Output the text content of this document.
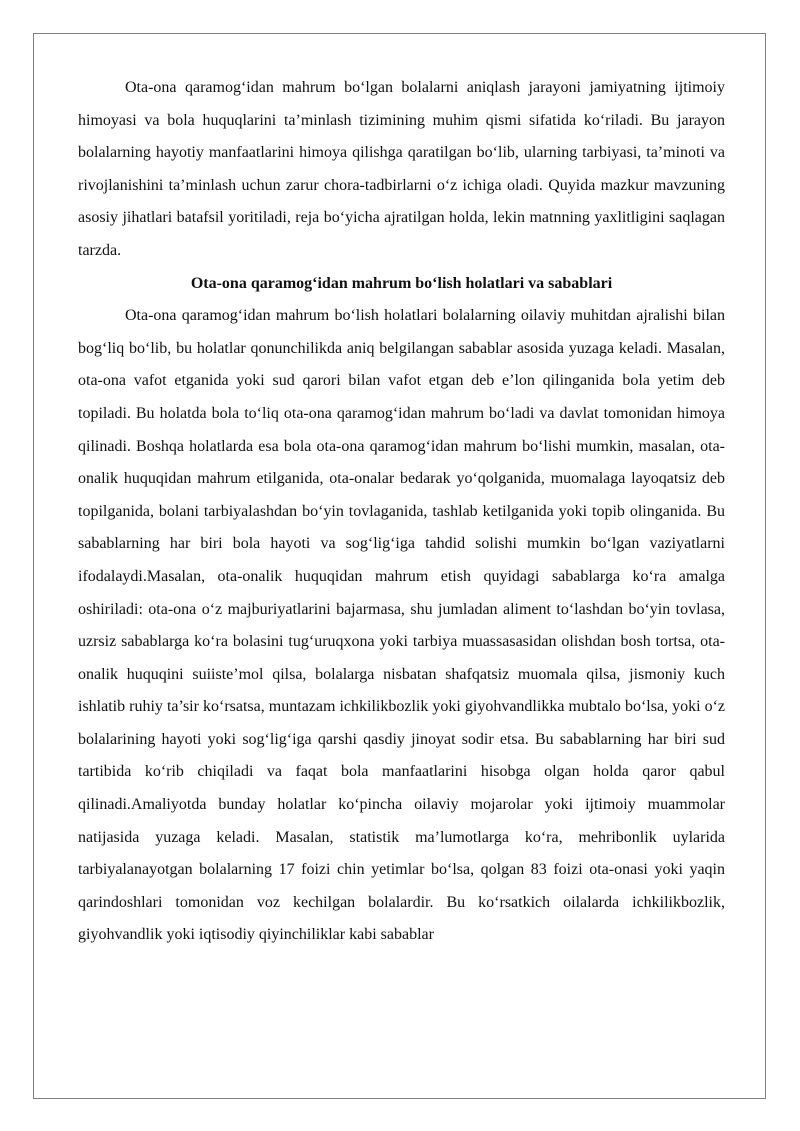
Ota-ona qaramog‘idan mahrum bo‘lgan bolalarni aniqlash jarayoni jamiyatning ijtimoiy himoyasi va bola huquqlarini ta’minlash tizimining muhim qismi sifatida ko‘riladi. Bu jarayon bolalarning hayotiy manfaatlarini himoya qilishga qaratilgan bo‘lib, ularning tarbiyasi, ta’minoti va rivojlanishini ta’minlash uchun zarur chora-tadbirlarni o‘z ichiga oladi. Quyida mazkur mavzuning asosiy jihatlari batafsil yoritiladi, reja bo‘yicha ajratilgan holda, lekin matnning yaxlitligini saqlagan tarzda.

Ota-ona qaramog‘idan mahrum bo‘lish holatlari va sabablari

Ota-ona qaramog‘idan mahrum bo‘lish holatlari bolalarning oilaviy muhitdan ajralishi bilan bog‘liq bo‘lib, bu holatlar qonunchilikda aniq belgilangan sabablar asosida yuzaga keladi. Masalan, ota-ona vafot etganida yoki sud qarori bilan vafot etgan deb e’lon qilinganida bola yetim deb topiladi. Bu holatda bola to‘liq ota-ona qaramog‘idan mahrum bo‘ladi va davlat tomonidan himoya qilinadi. Boshqa holatlarda esa bola ota-ona qaramog‘idan mahrum bo‘lishi mumkin, masalan, ota-onalik huquqidan mahrum etilganida, ota-onalar bedarak yo‘qolganida, muomalaga layoqatsiz deb topilganida, bolani tarbiyalashdan bo‘yin tovlaganida, tashlab ketilganida yoki topib olinganida. Bu sabablarning har biri bola hayoti va sog‘lig‘iga tahdid solishi mumkin bo‘lgan vaziyatlarni ifodalaydi.Masalan, ota-onalik huquqidan mahrum etish quyidagi sabablarga ko‘ra amalga oshiriladi: ota-ona o‘z majburiyatlarini bajarmasa, shu jumladan aliment to‘lashdan bo‘yin tovlasa, uzrsiz sabablarga ko‘ra bolasini tug‘uruqxona yoki tarbiya muassasasidan olishdan bosh tortsa, ota-onalik huquqini suiiste’mol qilsa, bolalarga nisbatan shafqatsiz muomala qilsa, jismoniy kuch ishlatib ruhiy ta’sir ko‘rsatsa, muntazam ichkilikbozlik yoki giyohvandlikka mubtalo bo‘lsa, yoki o‘z bolalarining hayoti yoki sog‘lig‘iga qarshi qasdiy jinoyat sodir etsa. Bu sabablarning har biri sud tartibida ko‘rib chiqiladi va faqat bola manfaatlarini hisobga olgan holda qaror qabul qilinadi.Amaliyotda bunday holatlar ko‘pincha oilaviy mojarolar yoki ijtimoiy muammolar natijasida yuzaga keladi. Masalan, statistik ma’lumotlarga ko‘ra, mehribonlik uylarida tarbiyalanayotgan bolalarning 17 foizi chin yetimlar bo‘lsa, qolgan 83 foizi ota-onasi yoki yaqin qarindoshlari tomonidan voz kechilgan bolalardir. Bu ko‘rsatkich oilalarda ichkilikbozlik, giyohvandlik yoki iqtisodiy qiyinchiliklar kabi sabablar
